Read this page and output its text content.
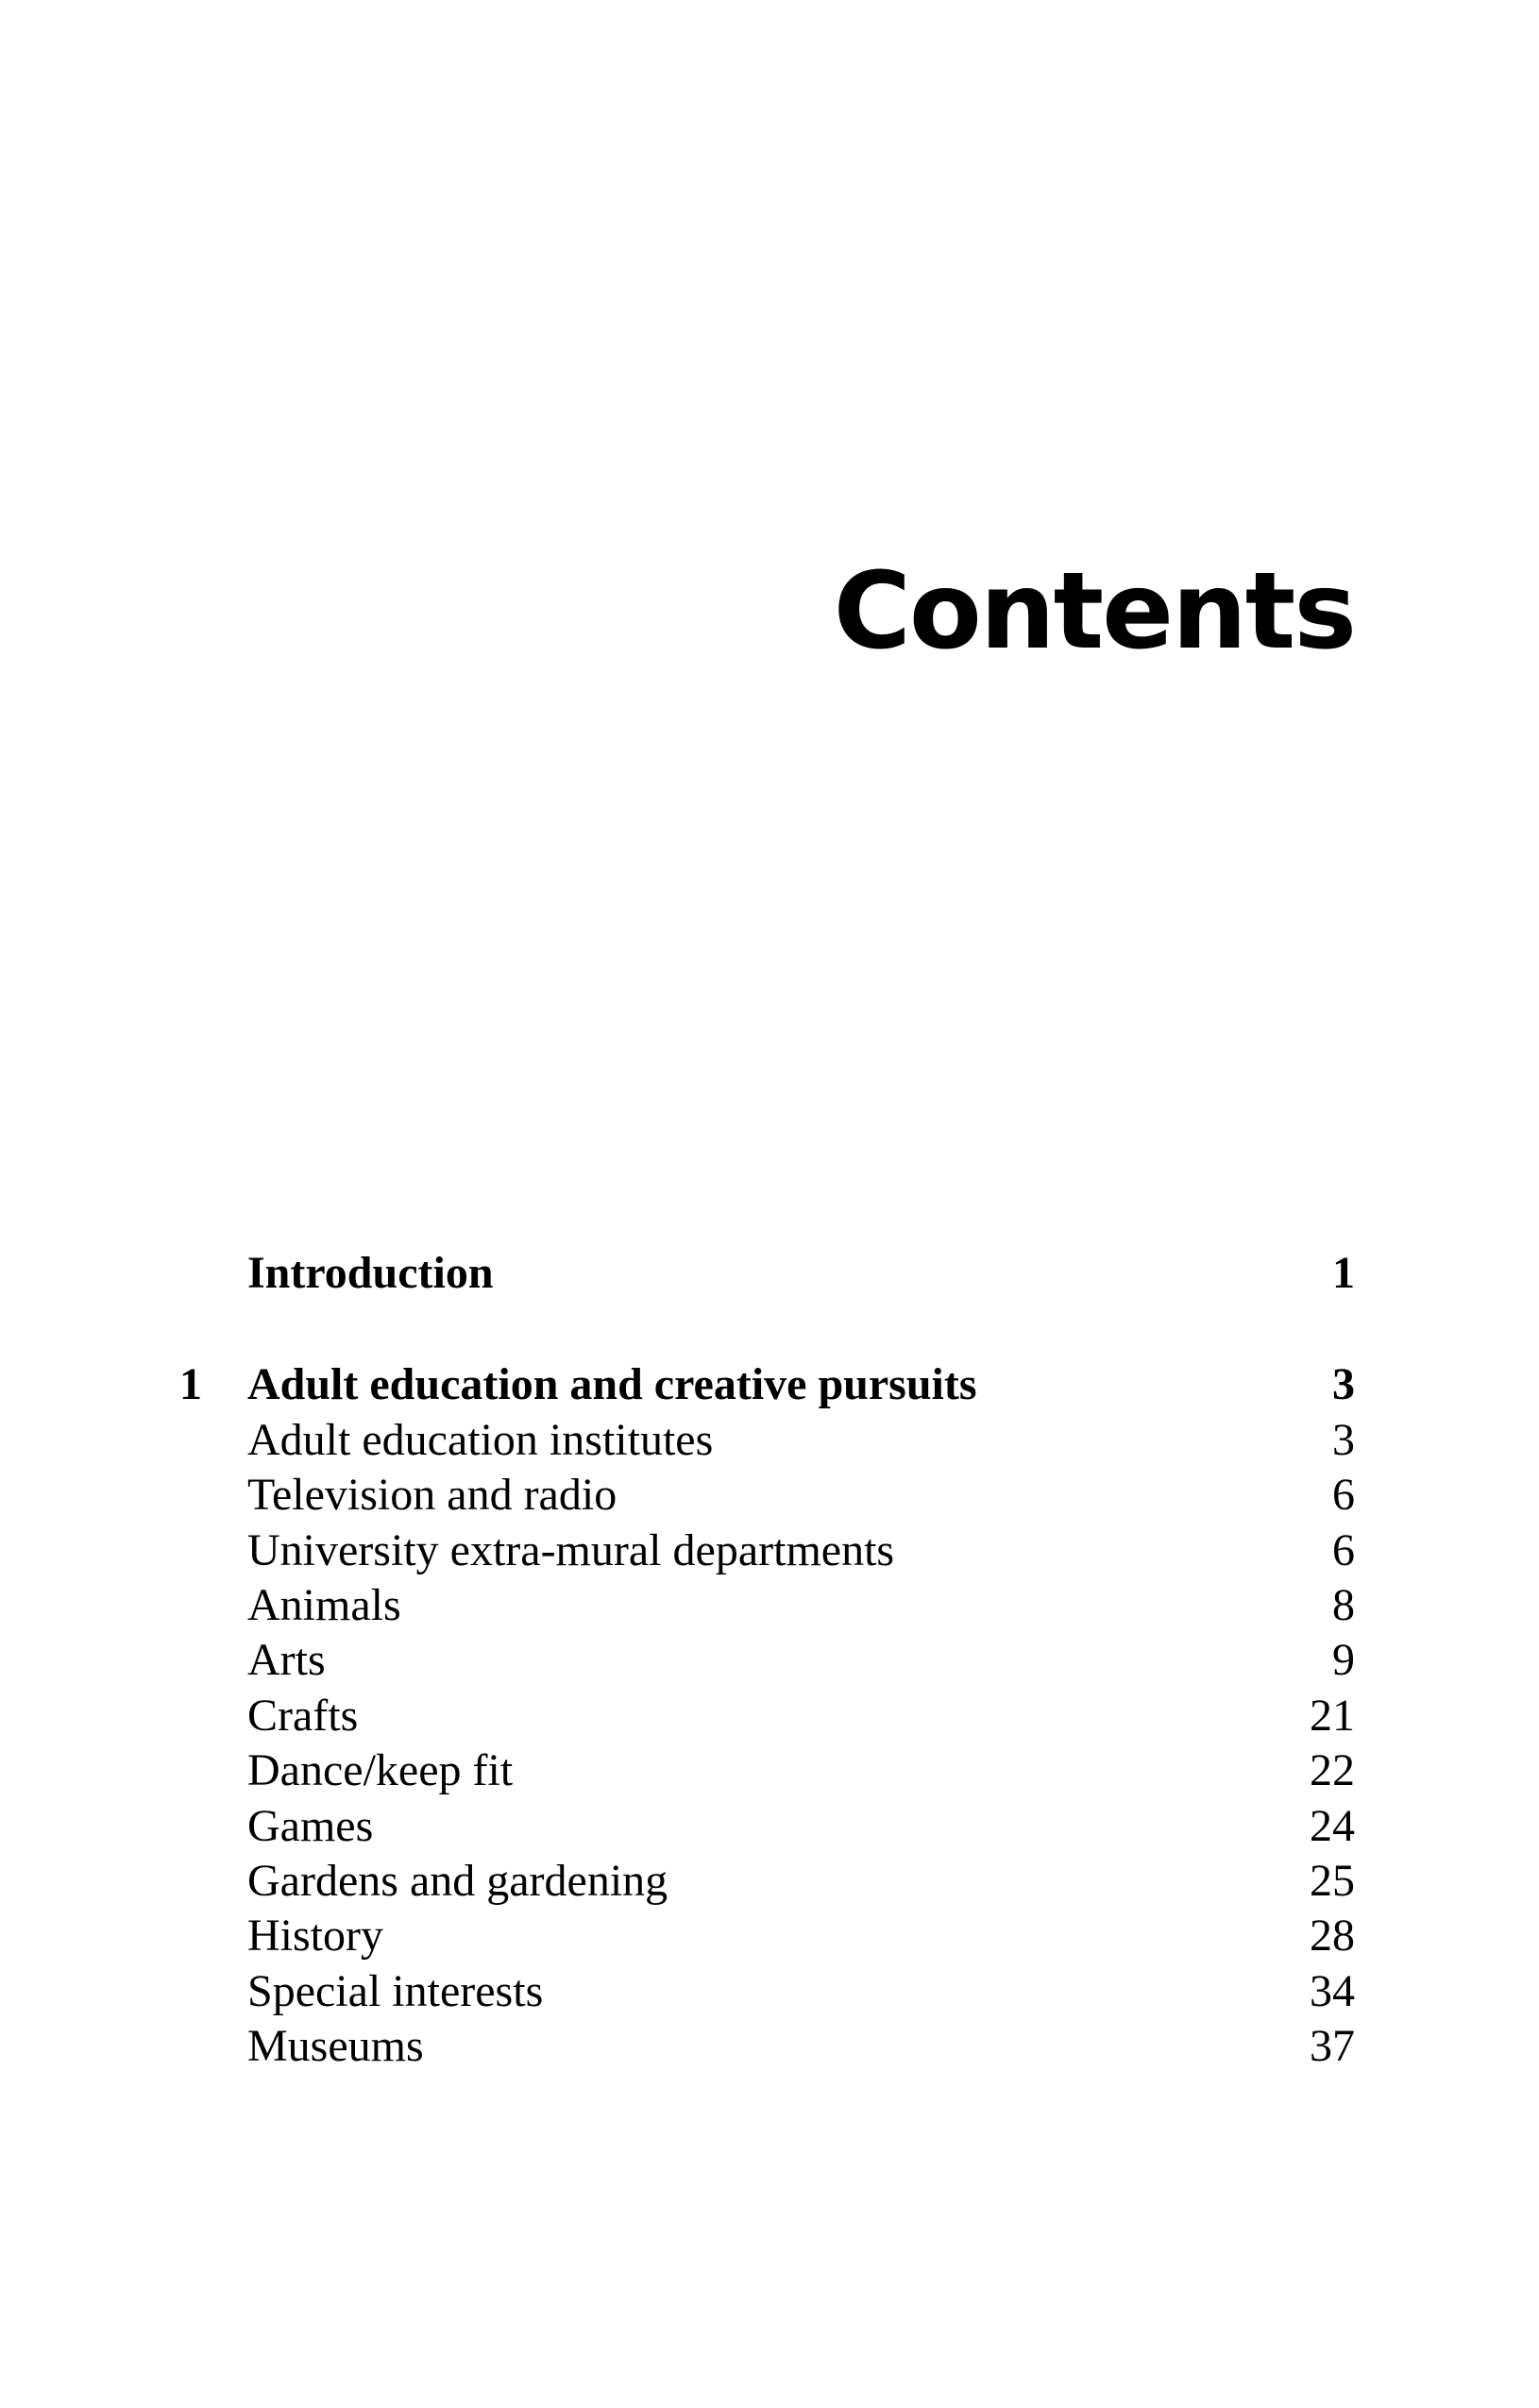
Contents
Introduction	1
1 Adult education and creative pursuits	3
Adult education institutes	3
Television and radio	6
University extra-mural departments	6
Animals	8
Arts	9
Crafts	21
Dance/keep fit	22
Games	24
Gardens and gardening	25
History	28
Special interests	34
Museums	37
